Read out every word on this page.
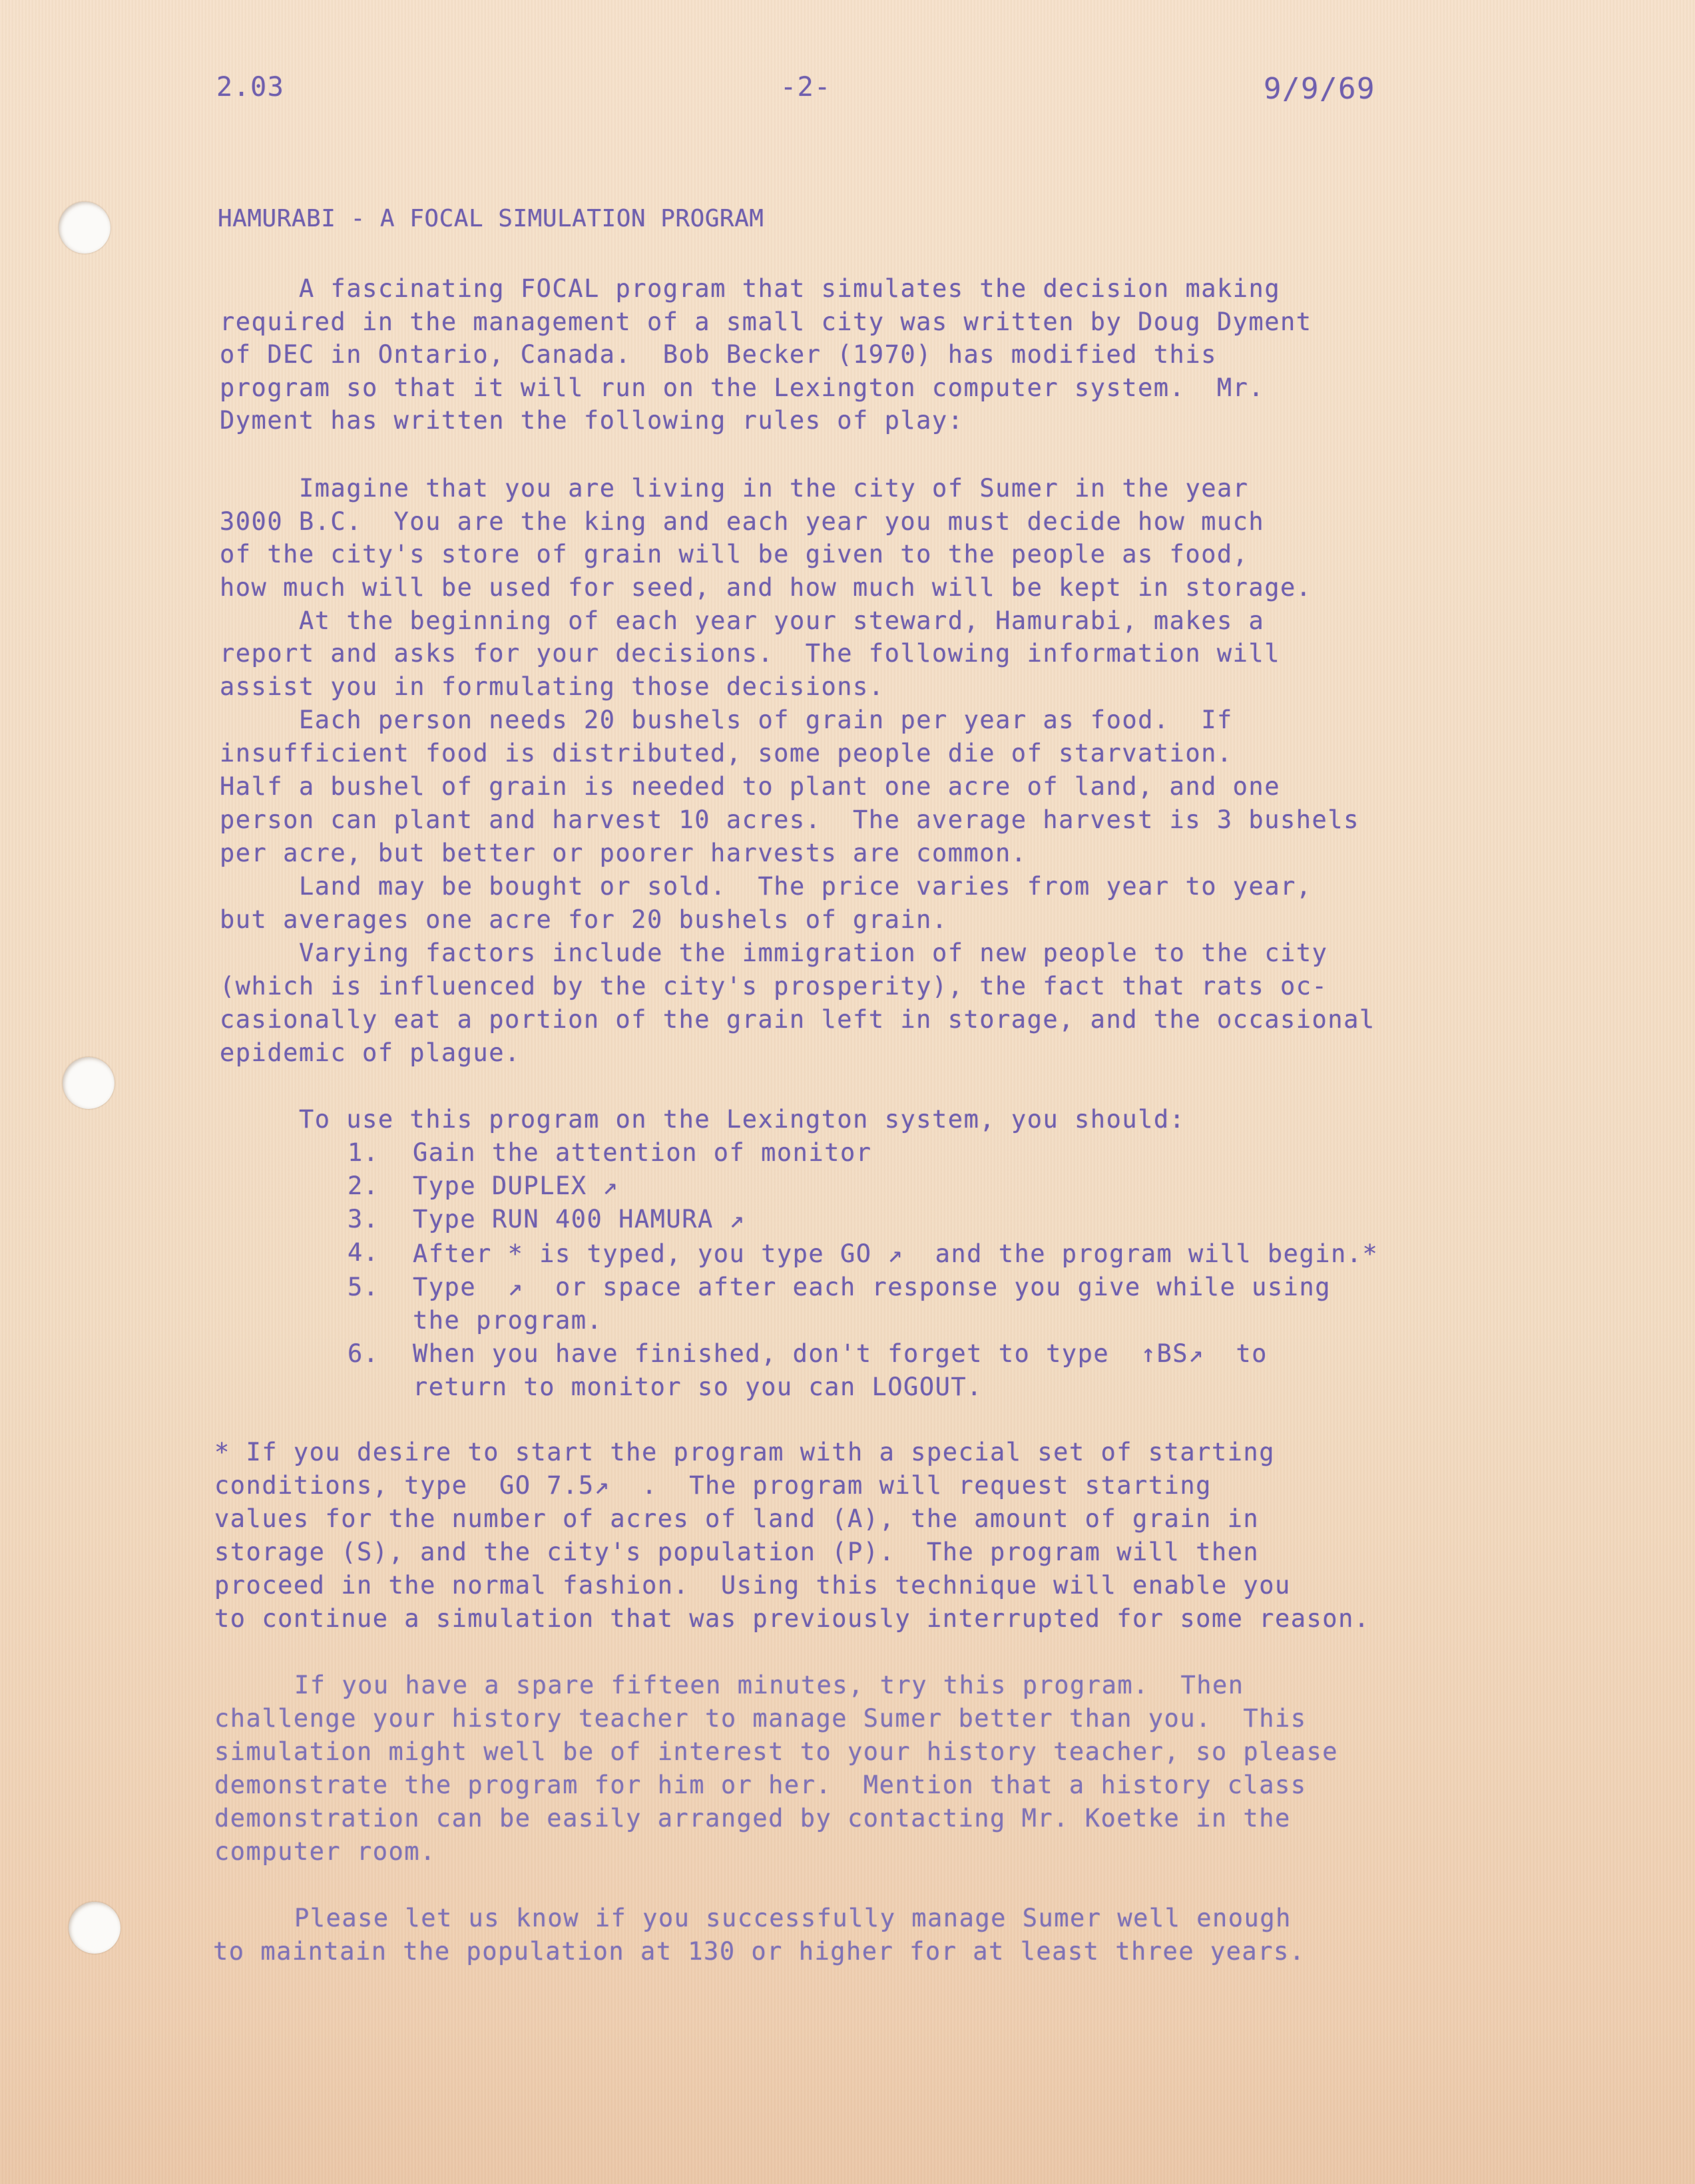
2.03	-2-	9/9/69
HAMURABI - A FOCAL SIMULATION PROGRAM
A fascinating FOCAL program that simulates the decision making
required in the management of a small city was written by Doug Dyment
of DEC in Ontario, Canada.  Bob Becker (1970) has modified this
program so that it will run on the Lexington computer system.  Mr.
Dyment has written the following rules of play:
Imagine that you are living in the city of Sumer in the year
3000 B.C.  You are the king and each year you must decide how much
of the city's store of grain will be given to the people as food,
how much will be used for seed, and how much will be kept in storage.
At the beginning of each year your steward, Hamurabi, makes a
report and asks for your decisions.  The following information will
assist you in formulating those decisions.
Each person needs 20 bushels of grain per year as food.  If
insufficient food is distributed, some people die of starvation.
Half a bushel of grain is needed to plant one acre of land, and one
person can plant and harvest 10 acres.  The average harvest is 3 bushels
per acre, but better or poorer harvests are common.
Land may be bought or sold.  The price varies from year to year,
but averages one acre for 20 bushels of grain.
Varying factors include the immigration of new people to the city
(which is influenced by the city's prosperity), the fact that rats oc-
casionally eat a portion of the grain left in storage, and the occasional
epidemic of plague.
To use this program on the Lexington system, you should:
1. Gain the attention of monitor
2. Type DUPLEX ↗
3. Type RUN 400 HAMURA ↗
4. After * is typed, you type GO ↗  and the program will begin.*
5. Type  ↗  or space after each response you give while using
the program.
6. When you have finished, don't forget to type  ↑BS↗  to
return to monitor so you can LOGOUT.
* If you desire to start the program with a special set of starting
conditions, type  GO 7.5↗  .  The program will request starting
values for the number of acres of land (A), the amount of grain in
storage (S), and the city's population (P).  The program will then
proceed in the normal fashion.  Using this technique will enable you
to continue a simulation that was previously interrupted for some reason.
If you have a spare fifteen minutes, try this program.  Then
challenge your history teacher to manage Sumer better than you.  This
simulation might well be of interest to your history teacher, so please
demonstrate the program for him or her.  Mention that a history class
demonstration can be easily arranged by contacting Mr. Koetke in the
computer room.
Please let us know if you successfully manage Sumer well enough
to maintain the population at 130 or higher for at least three years.
